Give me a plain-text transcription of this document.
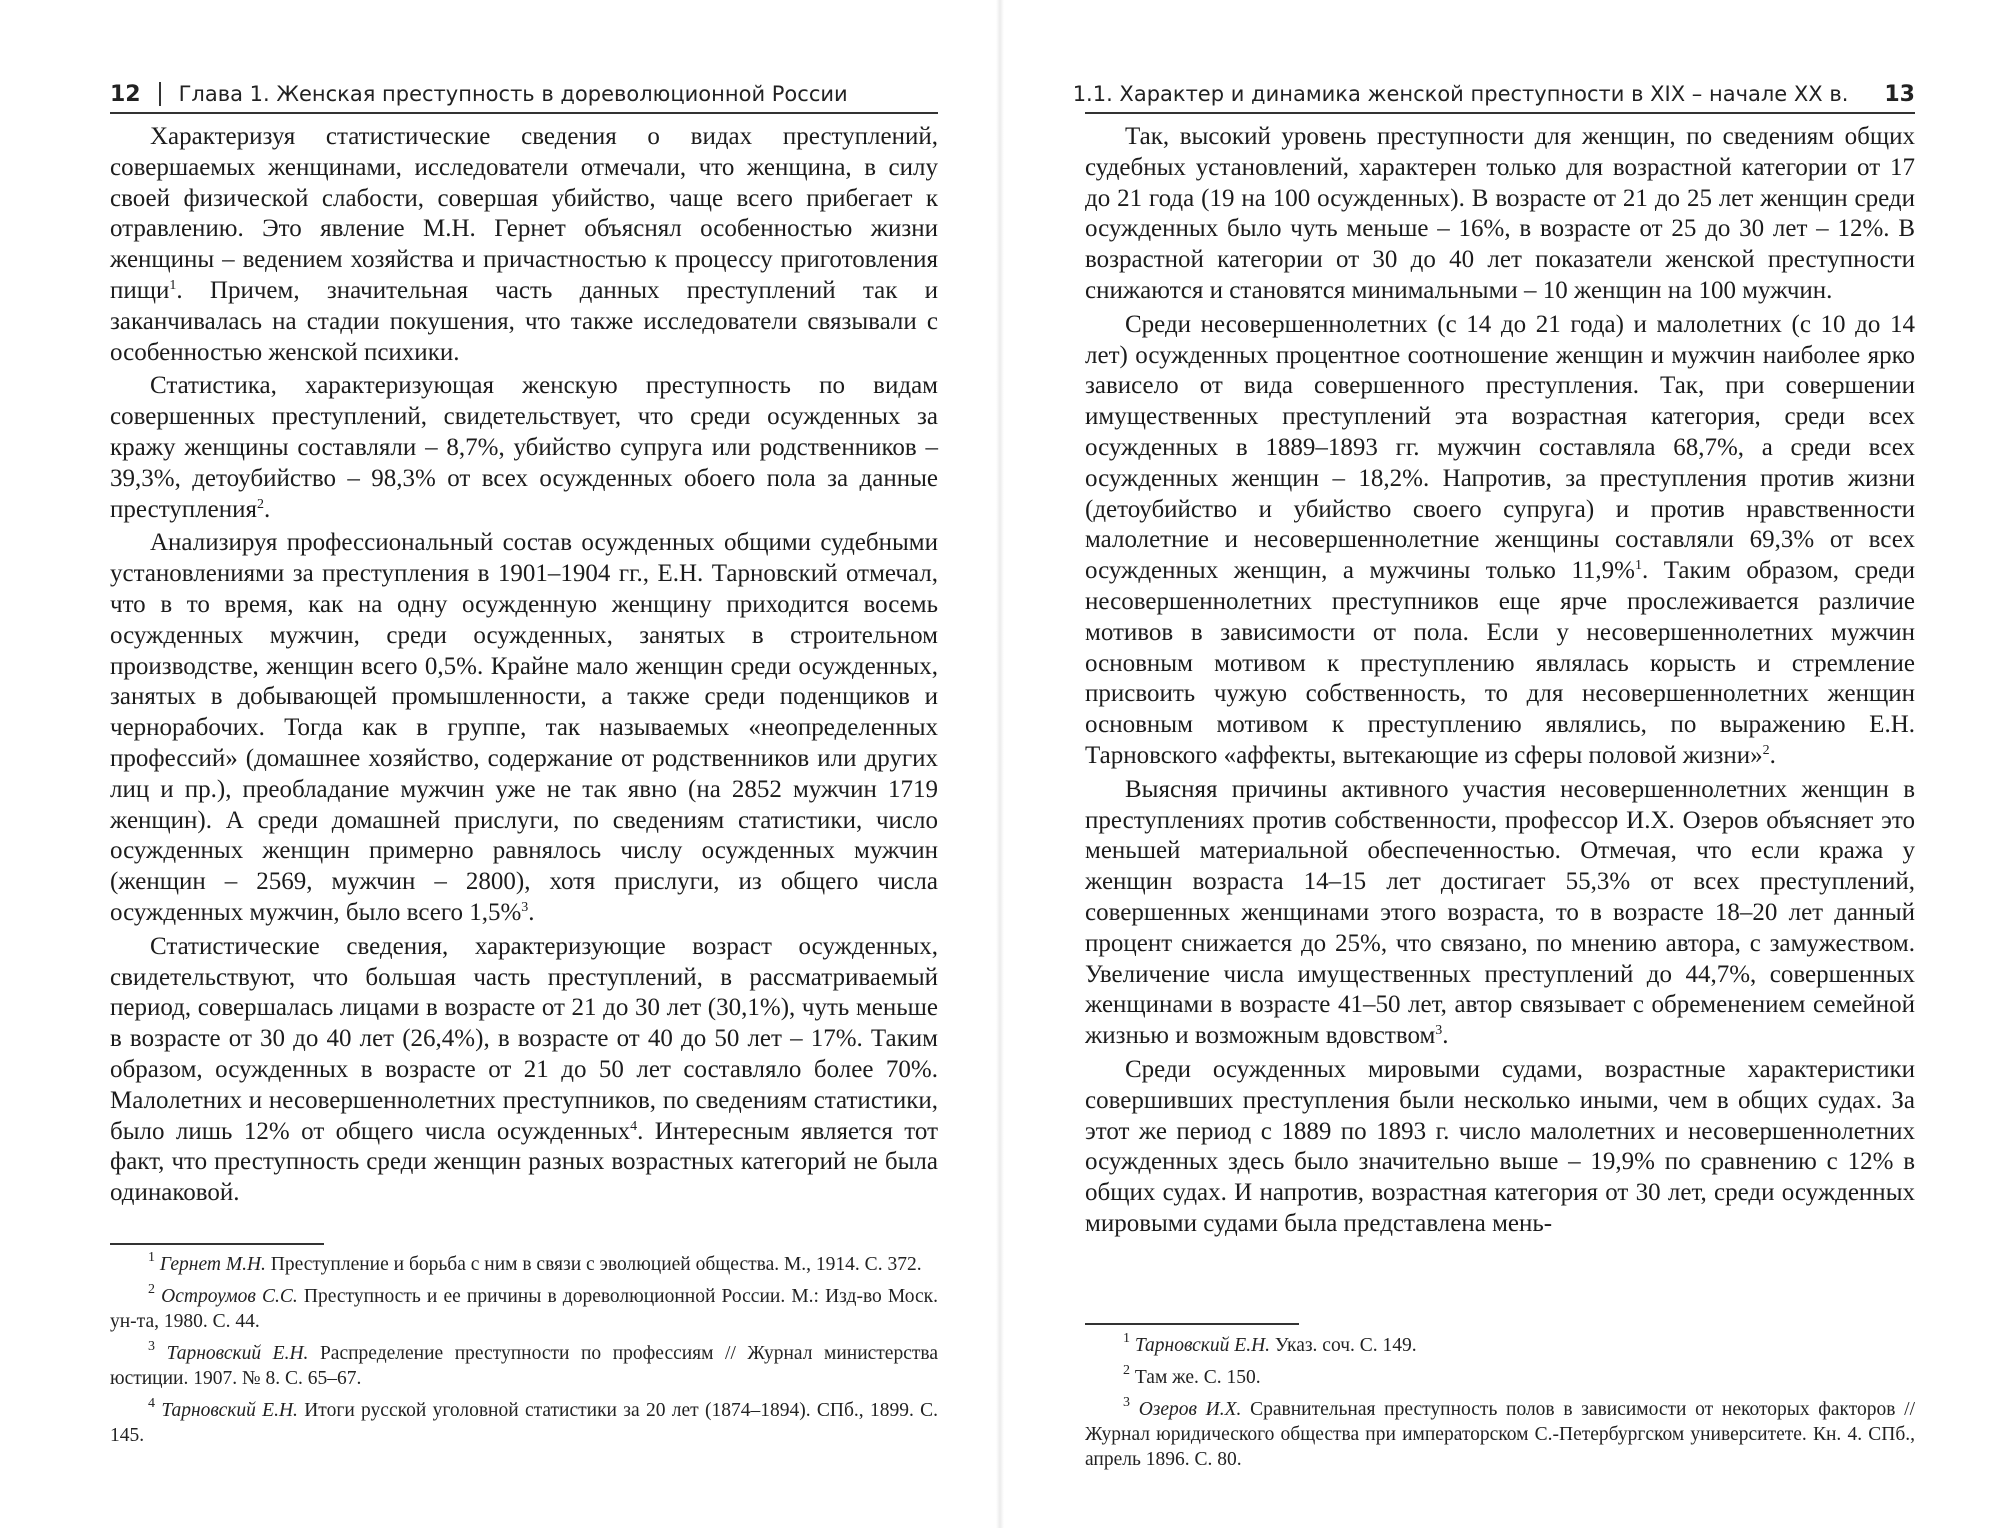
12 Глава 1. Женская преступность в дореволюционной России

Характеризуя статистические сведения о видах преступлений, совершаемых женщинами, исследователи отмечали, что женщина, в силу своей физической слабости, совершая убийство, чаще всего прибегает к отравлению. Это явление М.Н. Гернет объяснял особенностью жизни женщины – ведением хозяйства и причастностью к процессу приготовления пищи$^1$. Причем, значительная часть данных преступлений так и заканчивалась на стадии покушения, что также исследователи связывали с особенностью женской психики.

Статистика, характеризующая женскую преступность по видам совершенных преступлений, свидетельствует, что среди осужденных за кражу женщины составляли – 8,7%, убийство супруга или родственников – 39,3%, детоубийство – 98,3% от всех осужденных обоего пола за данные преступления$^2$.

Анализируя профессиональный состав осужденных общими судебными установлениями за преступления в 1901–1904 гг., Е.Н. Тарновский отмечал, что в то время, как на одну осужденную женщину приходится восемь осужденных мужчин, среди осужденных, занятых в строительном производстве, женщин всего 0,5%. Крайне мало женщин среди осужденных, занятых в добывающей промышленности, а также среди поденщиков и чернорабочих. Тогда как в группе, так называемых «неопределенных профессий» (домашнее хозяйство, содержание от родственников или других лиц и пр.), преобладание мужчин уже не так явно (на 2852 мужчин 1719 женщин). А среди домашней прислуги, по сведениям статистики, число осужденных женщин примерно равнялось числу осужденных мужчин (женщин – 2569, мужчин – 2800), хотя прислуги, из общего числа осужденных мужчин, было всего 1,5%$^3$.

Статистические сведения, характеризующие возраст осужденных, свидетельствуют, что большая часть преступлений, в рассматриваемый период, совершалась лицами в возрасте от 21 до 30 лет (30,1%), чуть меньше в возрасте от 30 до 40 лет (26,4%), в возрасте от 40 до 50 лет – 17%. Таким образом, осужденных в возрасте от 21 до 50 лет составляло более 70%. Малолетних и несовершеннолетних преступников, по сведениям статистики, было лишь 12% от общего числа осужденных$^4$. Интересным является тот факт, что преступность среди женщин разных возрастных категорий не была одинаковой.

$^1$ Гернет М.Н. Преступление и борьба с ним в связи с эволюцией общества. М., 1914. С. 372.
$^2$ Остроумов С.С. Преступность и ее причины в дореволюционной России. М.: Изд-во Моск. ун-та, 1980. С. 44.
$^3$ Тарновский Е.Н. Распределение преступности по профессиям // Журнал министерства юстиции. 1907. № 8. С. 65–67.
$^4$ Тарновский Е.Н. Итоги русской уголовной статистики за 20 лет (1874–1894). СПб., 1899. С. 145.
1.1. Характер и динамика женской преступности в XIX – начале XX в. 13

Так, высокий уровень преступности для женщин, по сведениям общих судебных установлений, характерен только для возрастной категории от 17 до 21 года (19 на 100 осужденных). В возрасте от 21 до 25 лет женщин среди осужденных было чуть меньше – 16%, в возрасте от 25 до 30 лет – 12%. В возрастной категории от 30 до 40 лет показатели женской преступности снижаются и становятся минимальными – 10 женщин на 100 мужчин.

Среди несовершеннолетних (с 14 до 21 года) и малолетних (с 10 до 14 лет) осужденных процентное соотношение женщин и мужчин наиболее ярко зависело от вида совершенного преступления. Так, при совершении имущественных преступлений эта возрастная категория, среди всех осужденных в 1889–1893 гг. мужчин составляла 68,7%, а среди всех осужденных женщин – 18,2%. Напротив, за преступления против жизни (детоубийство и убийство своего супруга) и против нравственности малолетние и несовершеннолетние женщины составляли 69,3% от всех осужденных женщин, а мужчины только 11,9%$^1$. Таким образом, среди несовершеннолетних преступников еще ярче прослеживается различие мотивов в зависимости от пола. Если у несовершеннолетних мужчин основным мотивом к преступлению являлась корысть и стремление присвоить чужую собственность, то для несовершеннолетних женщин основным мотивом к преступлению являлись, по выражению Е.Н. Тарновского «аффекты, вытекающие из сферы половой жизни»$^2$.

Выясняя причины активного участия несовершеннолетних женщин в преступлениях против собственности, профессор И.Х. Озеров объясняет это меньшей материальной обеспеченностью. Отмечая, что если кража у женщин возраста 14–15 лет достигает 55,3% от всех преступлений, совершенных женщинами этого возраста, то в возрасте 18–20 лет данный процент снижается до 25%, что связано, по мнению автора, с замужеством. Увеличение числа имущественных преступлений до 44,7%, совершенных женщинами в возрасте 41–50 лет, автор связывает с обременением семейной жизнью и возможным вдовством$^3$.

Среди осужденных мировыми судами, возрастные характеристики совершивших преступления были несколько иными, чем в общих судах. За этот же период с 1889 по 1893 г. число малолетних и несовершеннолетних осужденных здесь было значительно выше – 19,9% по сравнению с 12% в общих судах. И напротив, возрастная категория от 30 лет, среди осужденных мировыми судами была представлена мень-

$^1$ Тарновский Е.Н. Указ. соч. С. 149.
$^2$ Там же. С. 150.
$^3$ Озеров И.Х. Сравнительная преступность полов в зависимости от некоторых факторов // Журнал юридического общества при императорском С.-Петербургском университете. Кн. 4. СПб., апрель 1896. С. 80.
